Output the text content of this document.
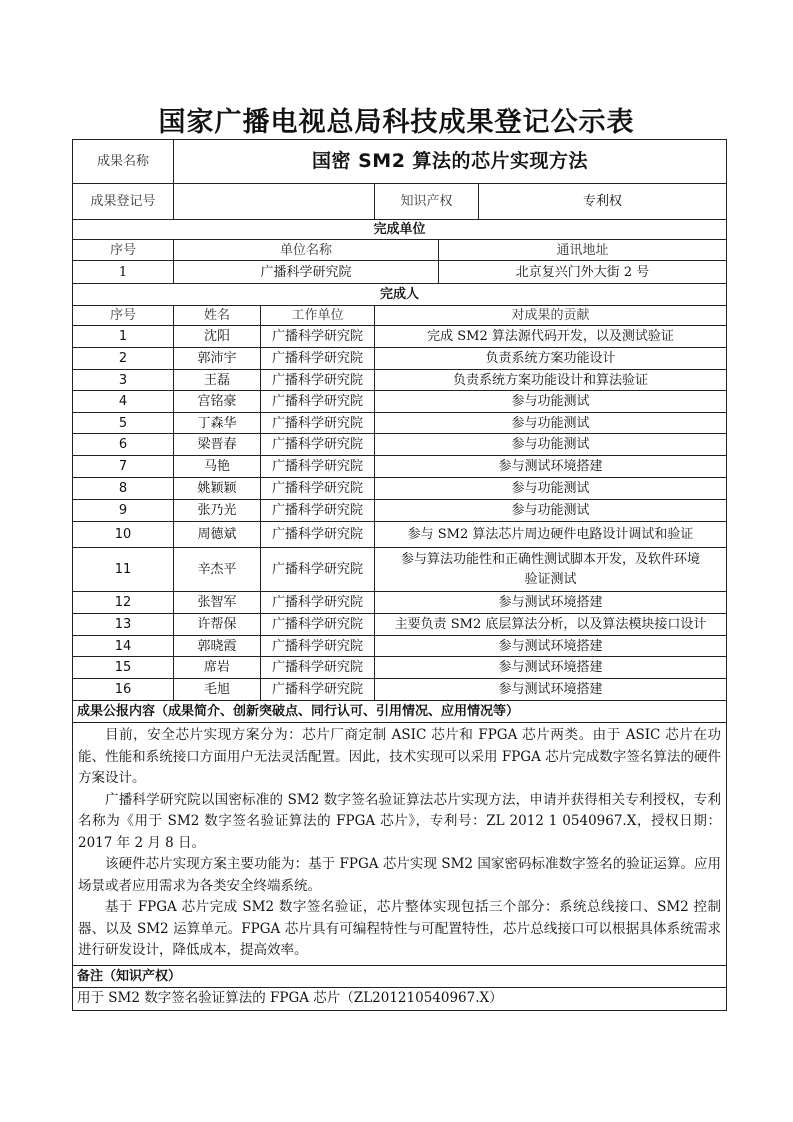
国家广播电视总局科技成果登记公示表
成果名称	国密 SM2 算法的芯片实现方法				
成果登记号			知识产权		专利权
完成单位					
序号	单位名称			通讯地址	
1	广播科学研究院			北京复兴门外大街 2 号	
完成人					
序号	姓名	工作单位	对成果的贡献		
1	沈阳	广播科学研究院	完成 SM2 算法源代码开发，以及测试验证		
2	郭沛宇	广播科学研究院	负责系统方案功能设计		
3	王磊	广播科学研究院	负责系统方案功能设计和算法验证		
4	宫铭豪	广播科学研究院	参与功能测试		
5	丁森华	广播科学研究院	参与功能测试		
6	梁晋春	广播科学研究院	参与功能测试		
7	马艳	广播科学研究院	参与测试环境搭建		
8	姚颖颖	广播科学研究院	参与功能测试		
9	张乃光	广播科学研究院	参与功能测试		
10	周德斌	广播科学研究院	参与 SM2 算法芯片周边硬件电路设计调试和验证		
11	辛杰平	广播科学研究院	参与算法功能性和正确性测试脚本开发，及软件环境
验证测试		
12	张智军	广播科学研究院	参与测试环境搭建		
13	许帮保	广播科学研究院	主要负责 SM2 底层算法分析，以及算法模块接口设计		
14	郭晓霞	广播科学研究院	参与测试环境搭建		
15	席岩	广播科学研究院	参与测试环境搭建		
16	毛旭	广播科学研究院	参与测试环境搭建		
成果公报内容（成果简介、创新突破点、同行认可、引用情况、应用情况等）					

目前，安全芯片实现方案分为：芯片厂商定制 ASIC 芯片和 FPGA 芯片两类。由于 ASIC 芯片在功能、性能和系统接口方面用户无法灵活配置。因此，技术实现可以采用 FPGA 芯片完成数字签名算法的硬件方案设计。

广播科学研究院以国密标准的 SM2 数字签名验证算法芯片实现方法，申请并获得相关专利授权，专利名称为《用于 SM2 数字签名验证算法的 FPGA 芯片》，专利号：ZL 2012 1 0540967.X，授权日期：2017 年 2 月 8 日。

该硬件芯片实现方案主要功能为：基于 FPGA 芯片实现 SM2 国家密码标准数字签名的验证运算。应用场景或者应用需求为各类安全终端系统。

基于 FPGA 芯片完成 SM2 数字签名验证，芯片整体实现包括三个部分：系统总线接口、SM2 控制器、以及 SM2 运算单元。FPGA 芯片具有可编程特性与可配置特性，芯片总线接口可以根据具体系统需求进行研发设计，降低成本，提高效率。					

备注（知识产权）					
用于 SM2 数字签名验证算法的 FPGA 芯片（ZL201210540967.X）					
